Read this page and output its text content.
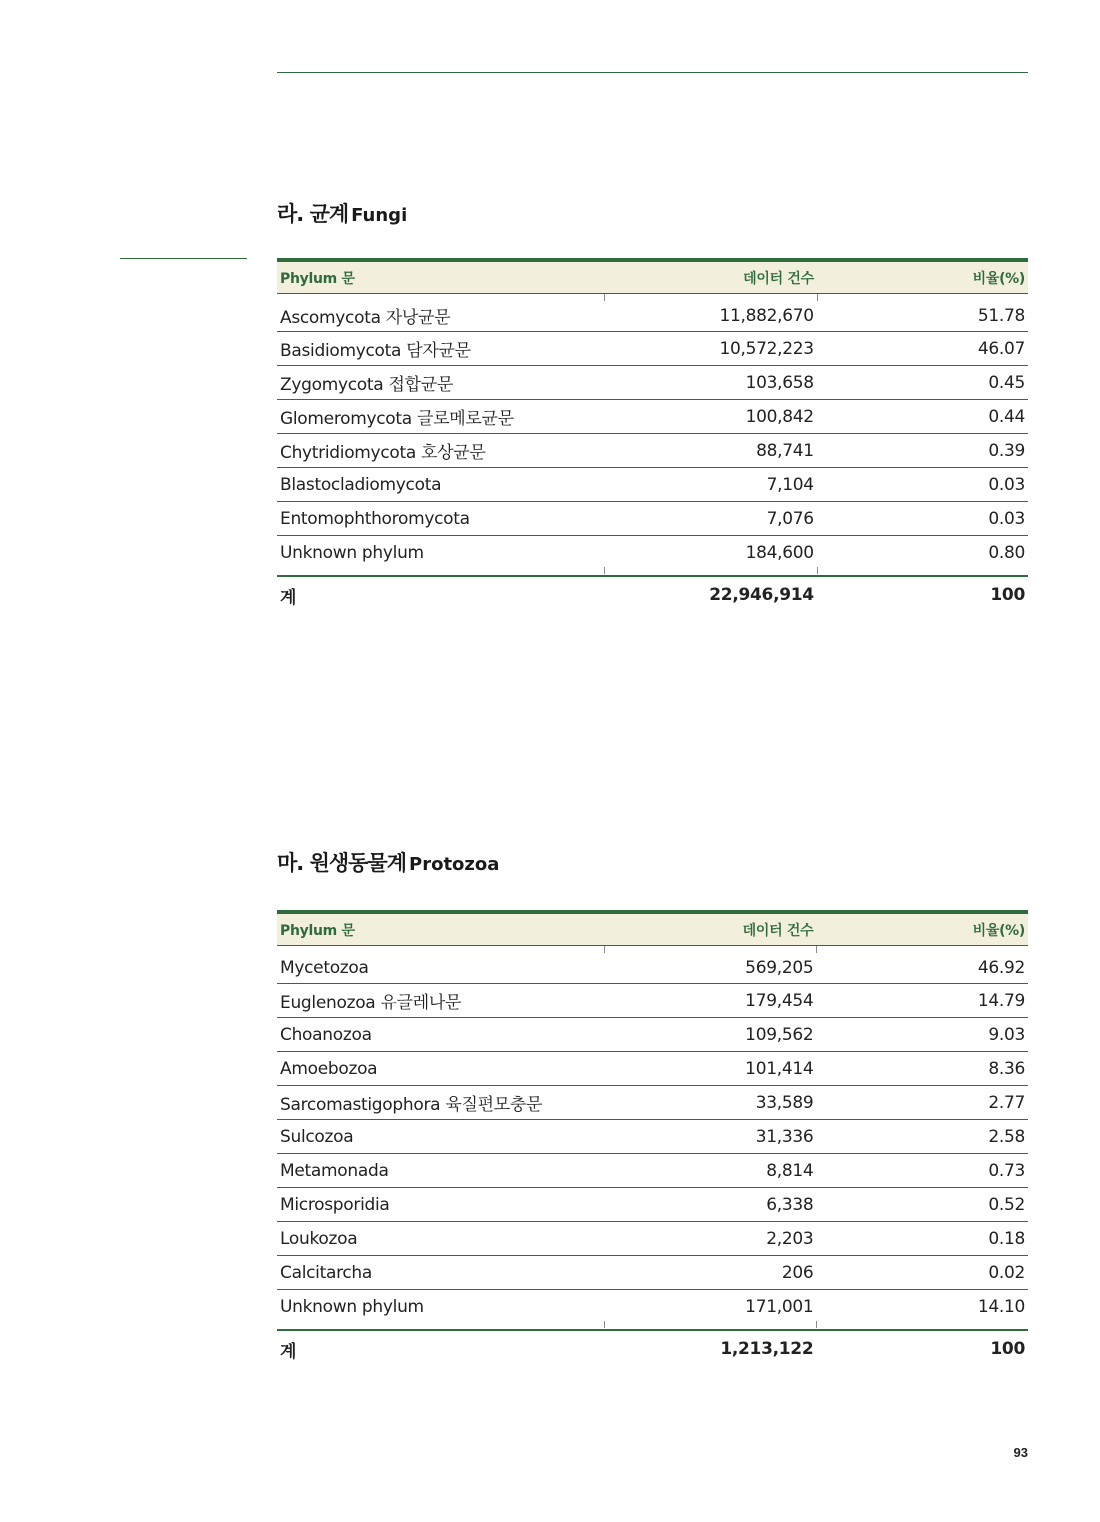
라. 균계 Fungi
Phylum 문	데이터 건수	비율(%)
Ascomycota 자낭균문	11,882,670	51.78
Basidiomycota 담자균문	10,572,223	46.07
Zygomycota 접합균문	103,658	0.45
Glomeromycota 글로메로균문	100,842	0.44
Chytridiomycota 호상균문	88,741	0.39
Blastocladiomycota	7,104	0.03
Entomophthoromycota	7,076	0.03
Unknown phylum	184,600	0.80
계	22,946,914	100
마. 원생동물계 Protozoa
Phylum 문	데이터 건수	비율(%)
Mycetozoa	569,205	46.92
Euglenozoa 유글레나문	179,454	14.79
Choanozoa	109,562	9.03
Amoebozoa	101,414	8.36
Sarcomastigophora 육질편모충문	33,589	2.77
Sulcozoa	31,336	2.58
Metamonada	8,814	0.73
Microsporidia	6,338	0.52
Loukozoa	2,203	0.18
Calcitarcha	206	0.02
Unknown phylum	171,001	14.10
계	1,213,122	100
93
